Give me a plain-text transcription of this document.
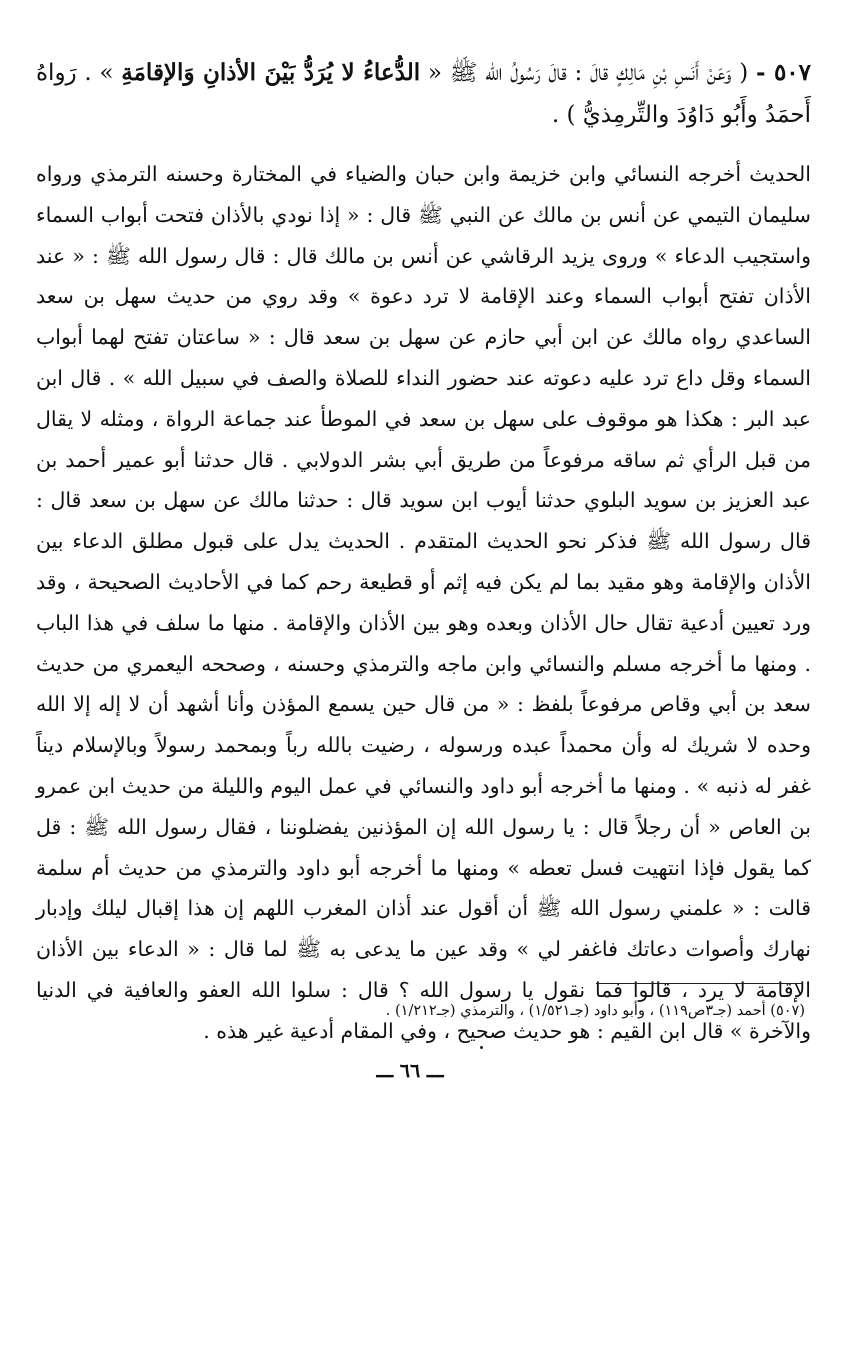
٥٠٧ - ( وَعَنْ أَنَسِ بْنِ مَالِكٍ قالَ : قالَ رَسُولُ الله ﷺ « الدُّعاءُ لا يُرَدُّ بَيْنَ الأذانِ وَالإقامَةِ » . رَواهُ أَحمَدُ وأَبُو دَاوُدَ والتِّرمِذيُّ ) .
الحديث أخرجه النسائي وابن خزيمة وابن حبان والضياء في المختارة وحسنه الترمذي ورواه سليمان التيمي عن أنس بن مالك عن النبي ﷺ قال : « إذا نودي بالأذان فتحت أبواب السماء واستجيب الدعاء » وروى يزيد الرقاشي عن أنس بن مالك قال : قال رسول الله ﷺ : « عند الأذان تفتح أبواب السماء وعند الإقامة لا ترد دعوة » وقد روي من حديث سهل بن سعد الساعدي رواه مالك عن ابن أبي حازم عن سهل بن سعد قال : « ساعتان تفتح لهما أبواب السماء وقل داع ترد عليه دعوته عند حضور النداء للصلاة والصف في سبيل الله » . قال ابن عبد البر : هكذا هو موقوف على سهل بن سعد في الموطأ عند جماعة الرواة ، ومثله لا يقال من قبل الرأي ثم ساقه مرفوعاً من طريق أبي بشر الدولابي . قال حدثنا أبو عمير أحمد بن عبد العزيز بن سويد البلوي حدثنا أيوب ابن سويد قال : حدثنا مالك عن سهل بن سعد قال : قال رسول الله ﷺ فذكر نحو الحديث المتقدم . الحديث يدل على قبول مطلق الدعاء بين الأذان والإقامة وهو مقيد بما لم يكن فيه إثم أو قطيعة رحم كما في الأحاديث الصحيحة ، وقد ورد تعيين أدعية تقال حال الأذان وبعده وهو بين الأذان والإقامة . منها ما سلف في هذا الباب . ومنها ما أخرجه مسلم والنسائي وابن ماجه والترمذي وحسنه ، وصححه اليعمري من حديث سعد بن أبي وقاص مرفوعاً بلفظ : « من قال حين يسمع المؤذن وأنا أشهد أن لا إله إلا الله وحده لا شريك له وأن محمداً عبده ورسوله ، رضيت بالله رباً وبمحمد رسولاً وبالإسلام ديناً غفر له ذنبه » . ومنها ما أخرجه أبو داود والنسائي في عمل اليوم والليلة من حديث ابن عمرو بن العاص « أن رجلاً قال : يا رسول الله إن المؤذنين يفضلوننا ، فقال رسول الله ﷺ : قل كما يقول فإذا انتهيت فسل تعطه » ومنها ما أخرجه أبو داود والترمذي من حديث أم سلمة قالت : « علمني رسول الله ﷺ أن أقول عند أذان المغرب اللهم إن هذا إقبال ليلك وإدبار نهارك وأصوات دعاتك فاغفر لي » وقد عين ما يدعى به ﷺ لما قال : « الدعاء بين الأذان الإقامة لا يرد ، قالوا فما نقول يا رسول الله ؟ قال : سلوا الله العفو والعافية في الدنيا والآخرة » قال ابن القيم : هو حديث صحيح ، وفي المقام أدعية غير هذه .
(٥٠٧) أحمد (جـ٣ص١١٩) ، وأبو داود (جـ١/٥٢١) ، والترمذي (جـ١/٢١٢) .
ـــ ٦٦ ـــ
